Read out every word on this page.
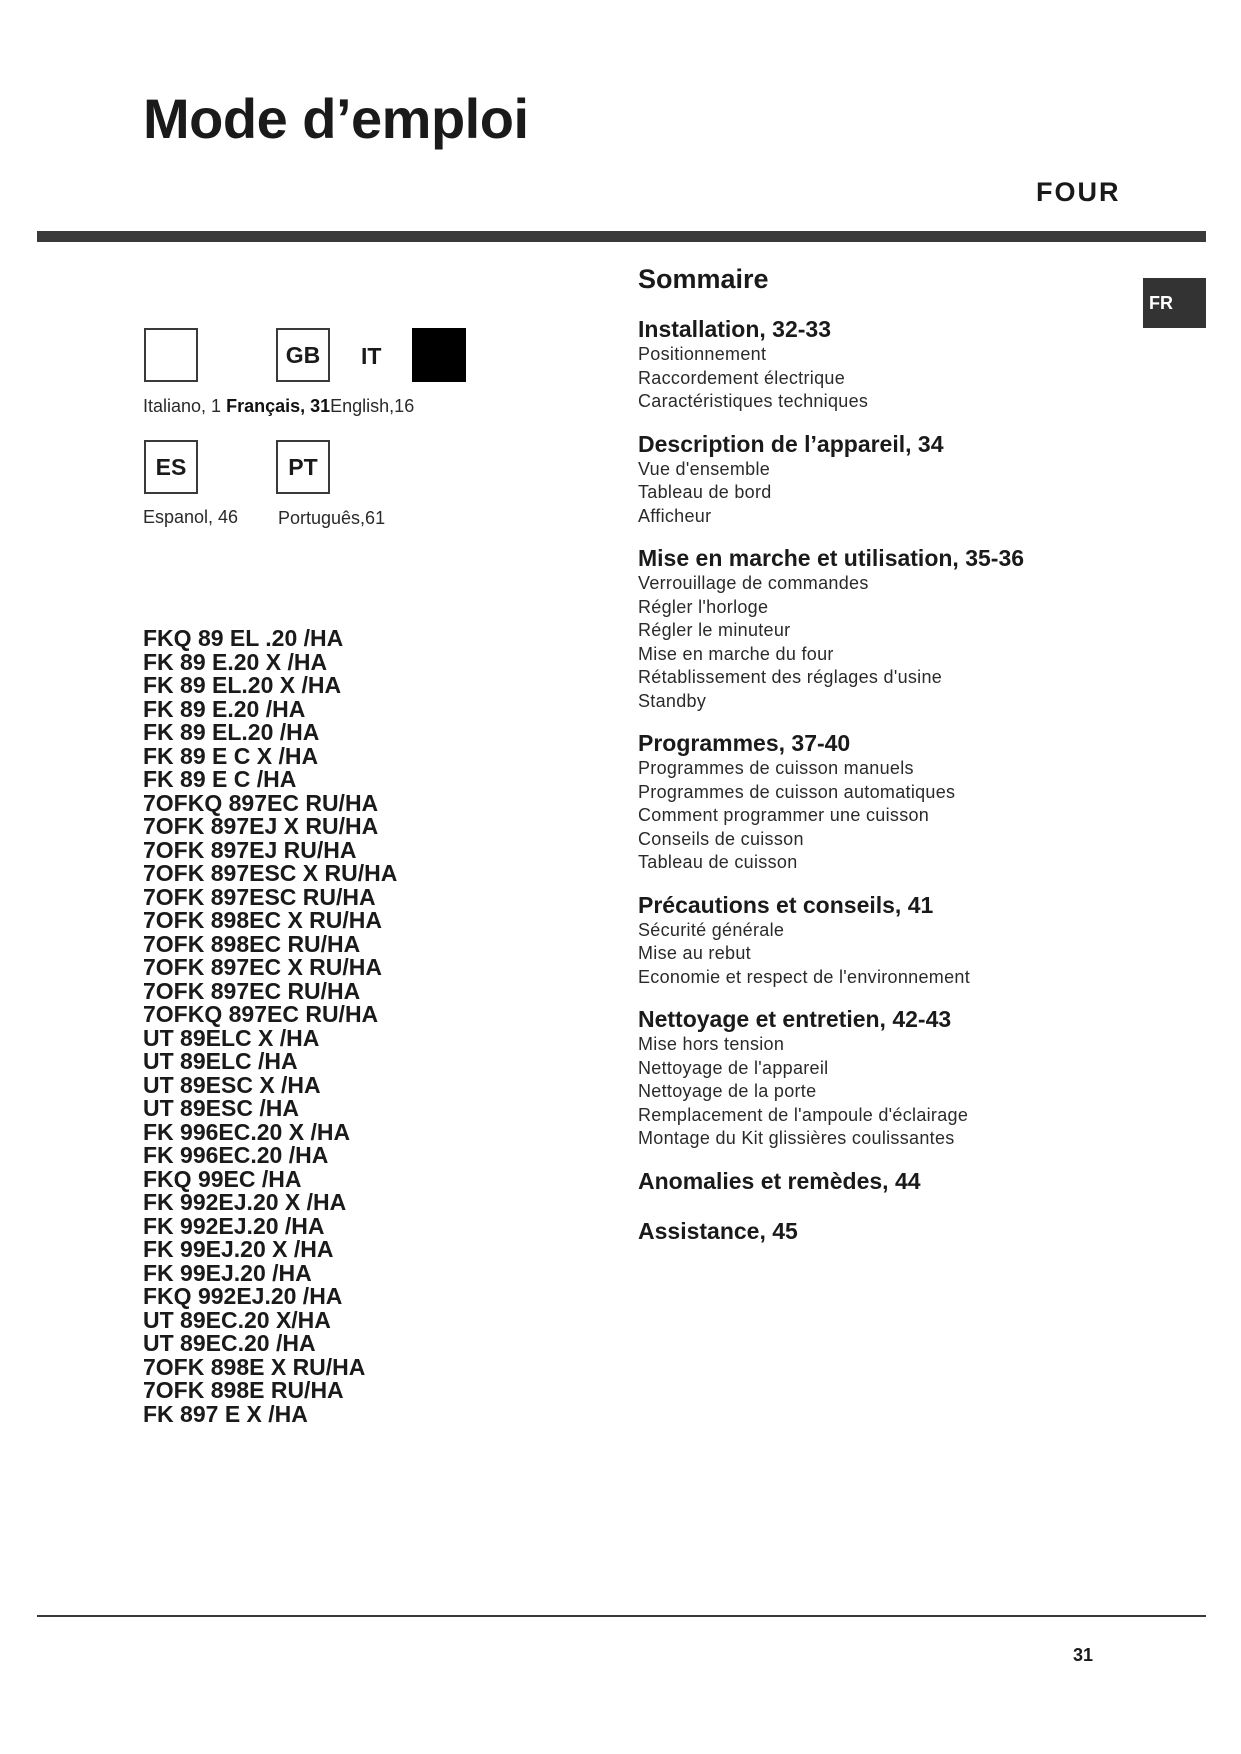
Mode d’emploi
FOUR
FR
GB	IT
Italiano, 1 Français, 31English,16
ES	PT
Espanol, 46 Português,61
FKQ 89 EL .20 /HA
FK 89 E.20 X /HA
FK 89 EL.20 X /HA
FK 89 E.20 /HA
FK 89 EL.20 /HA
FK 89 E C X /HA
FK 89 E C /HA
7OFKQ 897EC RU/HA
7OFK 897EJ X RU/HA
7OFK 897EJ RU/HA
7OFK 897ESC X RU/HA
7OFK 897ESC RU/HA
7OFK 898EC X RU/HA
7OFK 898EC RU/HA
7OFK 897EC X RU/HA
7OFK 897EC RU/HA
7OFKQ 897EC RU/HA
UT 89ELC X /HA
UT 89ELC /HA
UT 89ESC X /HA
UT 89ESC /HA
FK 996EC.20 X /HA
FK 996EC.20 /HA
FKQ 99EC /HA
FK 992EJ.20 X /HA
FK 992EJ.20 /HA
FK 99EJ.20 X /HA
FK 99EJ.20 /HA
FKQ 992EJ.20 /HA
UT 89EC.20 X/HA
UT 89EC.20 /HA
7OFK 898E X RU/HA
7OFK 898E RU/HA
FK 897 E X /HA
Sommaire
Installation, 32-33
Positionnement
Raccordement électrique
Caractéristiques techniques
Description de l’appareil, 34
Vue d'ensemble
Tableau de bord
Afficheur
Mise en marche et utilisation, 35-36
Verrouillage de commandes
Régler l'horloge
Régler le minuteur
Mise en marche du four
Rétablissement des réglages d'usine
Standby
Programmes, 37-40
Programmes de cuisson manuels
Programmes de cuisson automatiques
Comment programmer une cuisson
Conseils de cuisson
Tableau de cuisson
Précautions et conseils, 41
Sécurité générale
Mise au rebut
Economie et respect de l'environnement
Nettoyage et entretien, 42-43
Mise hors tension
Nettoyage de l'appareil
Nettoyage de la porte
Remplacement de l'ampoule d'éclairage
Montage du Kit glissières coulissantes
Anomalies et remèdes, 44
Assistance, 45
31
